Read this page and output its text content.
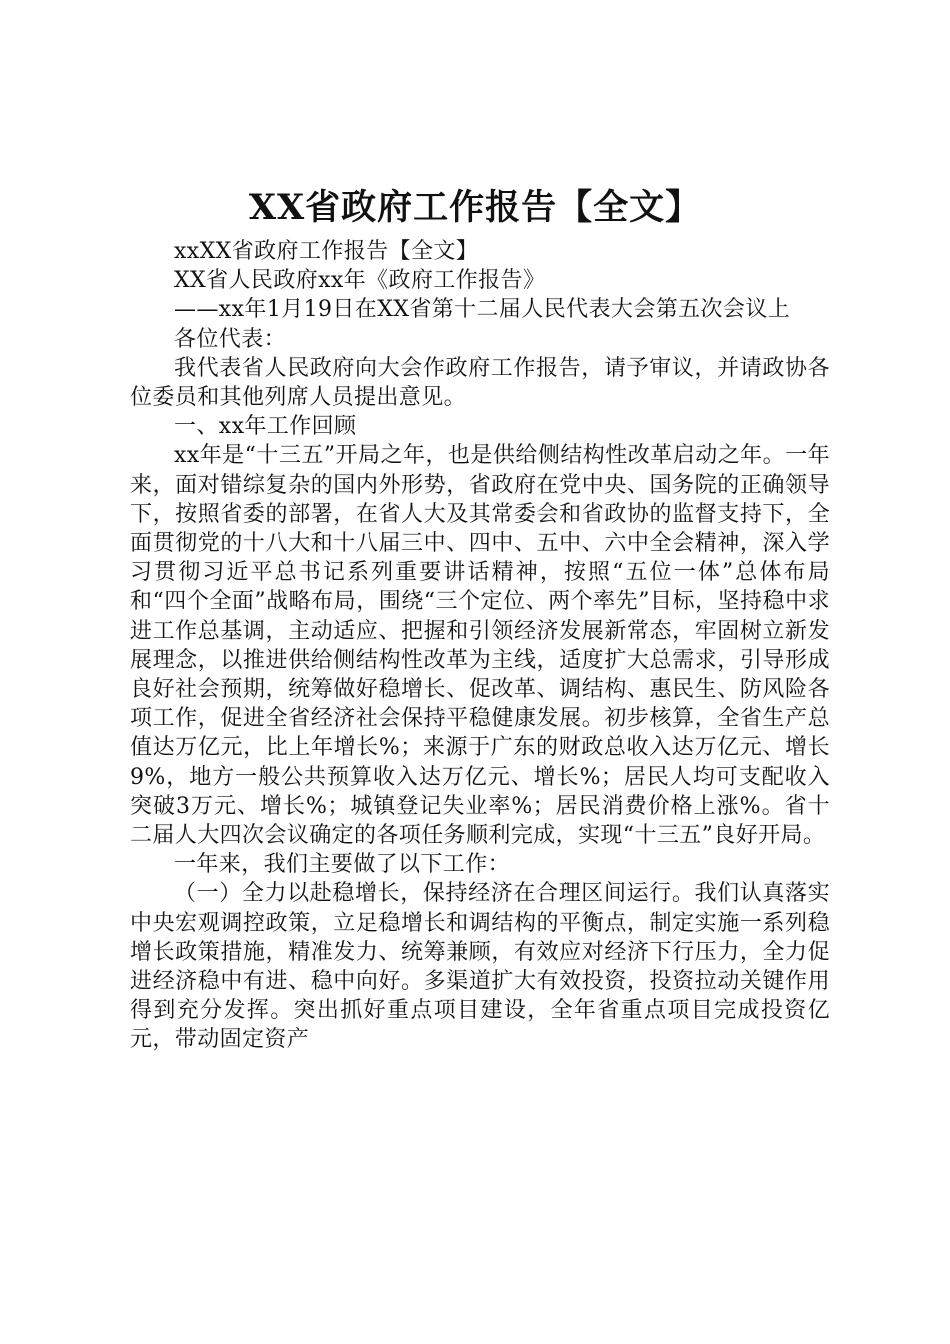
XX省政府工作报告【全文】

xxXX省政府工作报告【全文】

XX省人民政府xx年《政府工作报告》

——xx年1月19日在XX省第十二届人民代表大会第五次会议上

各位代表：

我代表省人民政府向大会作政府工作报告，请予审议，并请政协各位委员和其他列席人员提出意见。

一、xx年工作回顾

xx年是“十三五”开局之年，也是供给侧结构性改革启动之年。一年来，面对错综复杂的国内外形势，省政府在党中央、国务院的正确领导下，按照省委的部署，在省人大及其常委会和省政协的监督支持下，全面贯彻党的十八大和十八届三中、四中、五中、六中全会精神，深入学习贯彻习近平总书记系列重要讲话精神，按照“五位一体”总体布局和“四个全面”战略布局，围绕“三个定位、两个率先”目标，坚持稳中求进工作总基调，主动适应、把握和引领经济发展新常态，牢固树立新发展理念，以推进供给侧结构性改革为主线，适度扩大总需求，引导形成良好社会预期，统筹做好稳增长、促改革、调结构、惠民生、防风险各项工作，促进全省经济社会保持平稳健康发展。初步核算，全省生产总值达万亿元，比上年增长%；来源于广东的财政总收入达万亿元、增长9%，地方一般公共预算收入达万亿元、增长%；居民人均可支配收入突破3万元、增长%；城镇登记失业率%；居民消费价格上涨%。省十二届人大四次会议确定的各项任务顺利完成，实现“十三五”良好开局。

一年来，我们主要做了以下工作：

（一）全力以赴稳增长，保持经济在合理区间运行。我们认真落实中央宏观调控政策，立足稳增长和调结构的平衡点，制定实施一系列稳增长政策措施，精准发力、统筹兼顾，有效应对经济下行压力，全力促进经济稳中有进、稳中向好。多渠道扩大有效投资，投资拉动关键作用得到充分发挥。突出抓好重点项目建设，全年省重点项目完成投资亿元，带动固定资产
